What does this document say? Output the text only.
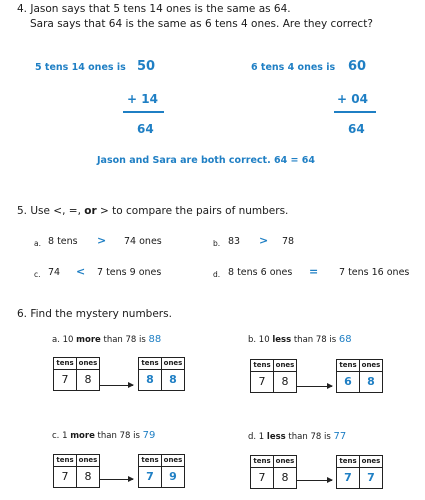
4. Jason says that 5 tens 14 ones is the same as 64.
Sara says that 64 is the same as 6 tens 4 ones. Are they correct?
5 tens 14 ones is 50
+ 14
64
6 tens 4 ones is 60
+ 04
64
Jason and Sara are both correct. 64 = 64
5. Use <, =, or > to compare the pairs of numbers.
a. 8 tens > 74 ones	b. 83 > 78
c. 74 < 7 tens 9 ones	d. 8 tens 6 ones = 7 tens 16 ones
6. Find the mystery numbers.
a. 10 more than 78 is 88
tens ones
7	8
tens ones
8	8
b. 10 less than 78 is 68
tens ones
7	8
tens ones
6	8
c. 1 more than 78 is 79
tens ones
7	8
tens ones
7	9
d. 1 less than 78 is 77
tens ones
7	8
tens ones
7	7
